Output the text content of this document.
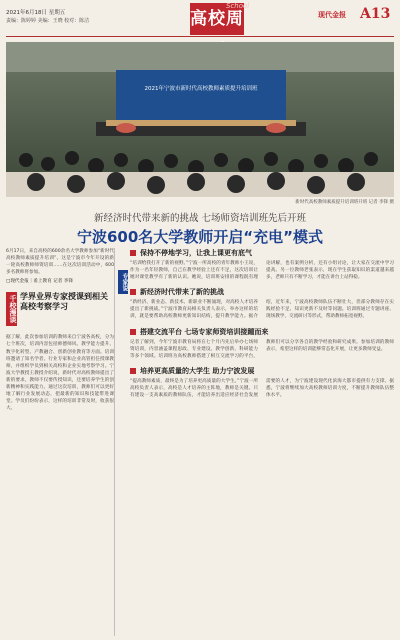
2021年6月18日 星期五
责编：陈婷婷 美编：王晓 校对：陈洁	高校周
School
现代金报 A13
2021年宁波市新时代高校教师素质提升培训班
新时代高校教师素质提升培训班开班 记者 李锋 摄
新经济时代带来新的挑战 七场师资培训班先后开班
宁波600名大学教师开启“充电”模式

6月17日，来自高校的600余名大学教师参加“新时代高校教师素质提升培训”。这是宁波市今年开设的新一轮高校教师师资培训……在这次培训活动中，600多名教师将参加。

□现代金报｜甬上教育 记者 李锋
千校漫谈 学界业界专家授课到相关高校考察学习

据了解，此次参加培训的教师来自宁波各高校，分为七个班次，培训内容包括师德师风、教学能力提升、数字化转型、产教融合、创新创业教育等方面。培训班邀请了知名学者、行业专家和企业高管担任授课教师，并组织学员到相关高校和企业实地考察学习。宁波大学教授王教授介绍说，新时代对高校教师提出了新的要求，教师不仅要传授知识，还要培养学生的创新精神和实践能力。通过这次培训，教师们可以更好地了解行业发展动态，把最新的知识和技能带进课堂。学员们纷纷表示，这样的培训非常及时，收获很大。

专家说

保持不停地学习，让我上课更有底气

“培训给我打开了新的视野。”宁波一所高校的青年教师小王说，作为一名年轻教师，自己在教学经验上还有不足，这次培训让她对课堂教学有了新的认识。她说，培训班安排的课程既有理论讲解，也有案例分析，还有小组讨论，让大家在交流中学习提高。另一位教师老张表示，现在学生获取知识的渠道越来越多，老师只有不断学习，才能在讲台上站得稳。

新经济时代带来了新的挑战

“新经济、新业态、新技术、新职业不断涌现，对高校人才培养提出了新挑战。”宁波市教育局相关负责人表示，举办这样的培训，就是要帮助高校教师更新知识结构，提升教学能力。据介绍，近年来，宁波高校教师队伍不断壮大，但部分教师存在实践经验不足、知识更新不及时等问题。培训班通过专题讲座、现场教学、交流研讨等形式，帮助教师拓宽视野。

搭建交流平台 七场专家师资培训接踵而来

记者了解到，今年宁波市教育局将在七个月内先后举办七场师资培训，内容涵盖课程思政、专业建设、教学创新、科研能力等多个领域。培训班为高校教师搭建了相互交流学习的平台，教师们可以分享各自的教学经验和研究成果。参加培训的教师表示，希望这样的培训能够常态化开展，让更多教师受益。

培养更高质量的大学生 助力宁波发展

“提高教师素质，最终是为了培养更高质量的大学生。”宁波一所高校负责人表示，高校是人才培养的主阵地，教师是关键。只有建设一支高素质的教师队伍，才能培养出适应经济社会发展需要的人才，为宁波建设现代化滨海大都市提供有力支撑。据悉，宁波将继续加大高校教师培训力度，不断提升教师队伍整体水平。
